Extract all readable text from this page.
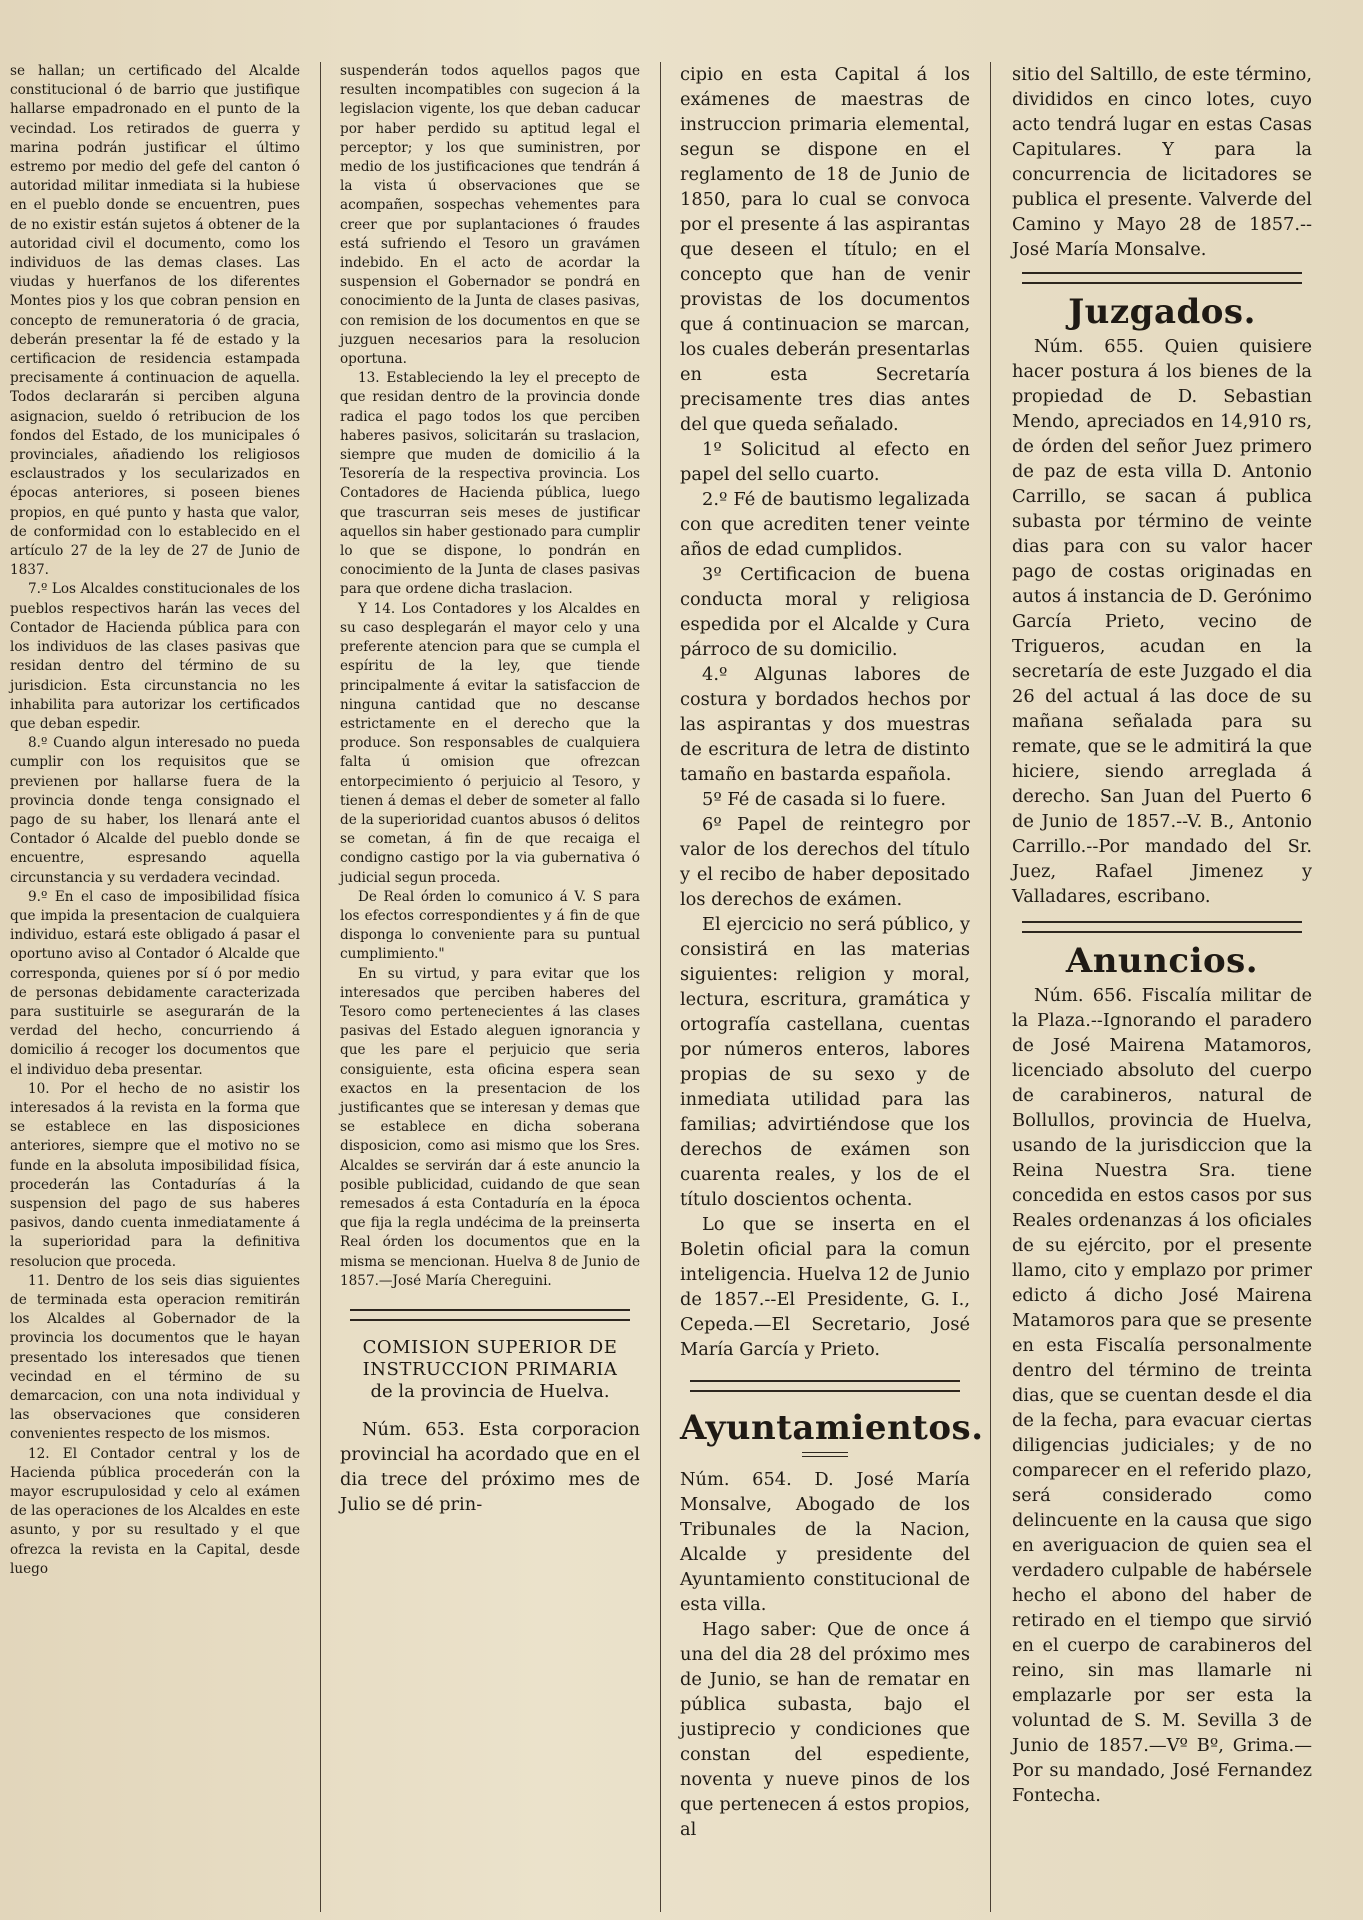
se hallan; un certificado del Alcalde constitucional ó de barrio que justifique hallarse empadronado en el punto de la vecindad. Los retirados de guerra y marina podrán justificar el último estremo por medio del gefe del canton ó autoridad militar inmediata si la hubiese en el pueblo donde se encuentren, pues de no existir están sujetos á obtener de la autoridad civil el documento, como los individuos de las demas clases. Las viudas y huerfanos de los diferentes Montes pios y los que cobran pension en concepto de remuneratoria ó de gracia, deberán presentar la fé de estado y la certificacion de residencia estampada precisamente á continuacion de aquella. Todos declararán si perciben alguna asignacion, sueldo ó retribucion de los fondos del Estado, de los municipales ó provinciales, añadiendo los religiosos esclaustrados y los secularizados en épocas anteriores, si poseen bienes propios, en qué punto y hasta que valor, de conformidad con lo establecido en el artículo 27 de la ley de 27 de Junio de 1837.

7.º Los Alcaldes constitucionales de los pueblos respectivos harán las veces del Contador de Hacienda pública para con los individuos de las clases pasivas que residan dentro del término de su jurisdicion. Esta circunstancia no les inhabilita para autorizar los certificados que deban espedir.

8.º Cuando algun interesado no pueda cumplir con los requisitos que se previenen por hallarse fuera de la provincia donde tenga consignado el pago de su haber, los llenará ante el Contador ó Alcalde del pueblo donde se encuentre, espresando aquella circunstancia y su verdadera vecindad.

9.º En el caso de imposibilidad física que impida la presentacion de cualquiera individuo, estará este obligado á pasar el oportuno aviso al Contador ó Alcalde que corresponda, quienes por sí ó por medio de personas debidamente caracterizada para sustituirle se asegurarán de la verdad del hecho, concurriendo á domicilio á recoger los documentos que el individuo deba presentar.

10. Por el hecho de no asistir los interesados á la revista en la forma que se establece en las disposiciones anteriores, siempre que el motivo no se funde en la absoluta imposibilidad física, procederán las Contadurías á la suspension del pago de sus haberes pasivos, dando cuenta inmediatamente á la superioridad para la definitiva resolucion que proceda.

11. Dentro de los seis dias siguientes de terminada esta operacion remitirán los Alcaldes al Gobernador de la provincia los documentos que le hayan presentado los interesados que tienen vecindad en el término de su demarcacion, con una nota individual y las observaciones que consideren convenientes respecto de los mismos.

12. El Contador central y los de Hacienda pública procederán con la mayor escrupulosidad y celo al exámen de las operaciones de los Alcaldes en este asunto, y por su resultado y el que ofrezca la revista en la Capital, desde luego

suspenderán todos aquellos pagos que resulten incompatibles con sugecion á la legislacion vigente, los que deban caducar por haber perdido su aptitud legal el perceptor; y los que suministren, por medio de los justificaciones que tendrán á la vista ú observaciones que se acompañen, sospechas vehementes para creer que por suplantaciones ó fraudes está sufriendo el Tesoro un gravámen indebido. En el acto de acordar la suspension el Gobernador se pondrá en conocimiento de la Junta de clases pasivas, con remision de los documentos en que se juzguen necesarios para la resolucion oportuna.

13. Estableciendo la ley el precepto de que residan dentro de la provincia donde radica el pago todos los que perciben haberes pasivos, solicitarán su traslacion, siempre que muden de domicilio á la Tesorería de la respectiva provincia. Los Contadores de Hacienda pública, luego que trascurran seis meses de justificar aquellos sin haber gestionado para cumplir lo que se dispone, lo pondrán en conocimiento de la Junta de clases pasivas para que ordene dicha traslacion.

Y 14. Los Contadores y los Alcaldes en su caso desplegarán el mayor celo y una preferente atencion para que se cumpla el espíritu de la ley, que tiende principalmente á evitar la satisfaccion de ninguna cantidad que no descanse estrictamente en el derecho que la produce. Son responsables de cualquiera falta ú omision que ofrezcan entorpecimiento ó perjuicio al Tesoro, y tienen á demas el deber de someter al fallo de la superioridad cuantos abusos ó delitos se cometan, á fin de que recaiga el condigno castigo por la via gubernativa ó judicial segun proceda.

De Real órden lo comunico á V. S para los efectos correspondientes y á fin de que disponga lo conveniente para su puntual cumplimiento."

En su virtud, y para evitar que los interesados que perciben haberes del Tesoro como pertenecientes á las clases pasivas del Estado aleguen ignorancia y que les pare el perjuicio que seria consiguiente, esta oficina espera sean exactos en la presentacion de los justificantes que se interesan y demas que se establece en dicha soberana disposicion, como asi mismo que los Sres. Alcaldes se servirán dar á este anuncio la posible publicidad, cuidando de que sean remesados á esta Contaduría en la época que fija la regla undécima de la preinserta Real órden los documentos que en la misma se mencionan. Huelva 8 de Junio de 1857.—José María Chereguini.

COMISION SUPERIOR DE INSTRUCCION PRIMARIA
de la provincia de Huelva.

Núm. 653. Esta corporacion provincial ha acordado que en el dia trece del próximo mes de Julio se dé prin-

cipio en esta Capital á los exámenes de maestras de instruccion primaria elemental, segun se dispone en el reglamento de 18 de Junio de 1850, para lo cual se convoca por el presente á las aspirantas que deseen el título; en el concepto que han de venir provistas de los documentos que á continuacion se marcan, los cuales deberán presentarlas en esta Secretaría precisamente tres dias antes del que queda señalado.

1º Solicitud al efecto en papel del sello cuarto.

2.º Fé de bautismo legalizada con que acrediten tener veinte años de edad cumplidos.

3º Certificacion de buena conducta moral y religiosa espedida por el Alcalde y Cura párroco de su domicilio.

4.º Algunas labores de costura y bordados hechos por las aspirantas y dos muestras de escritura de letra de distinto tamaño en bastarda española.

5º Fé de casada si lo fuere.

6º Papel de reintegro por valor de los derechos del título y el recibo de haber depositado los derechos de exámen.

El ejercicio no será público, y consistirá en las materias siguientes: religion y moral, lectura, escritura, gramática y ortografía castellana, cuentas por números enteros, labores propias de su sexo y de inmediata utilidad para las familias; advirtiéndose que los derechos de exámen son cuarenta reales, y los de el título doscientos ochenta.

Lo que se inserta en el Boletin oficial para la comun inteligencia. Huelva 12 de Junio de 1857.--El Presidente, G. I., Cepeda.—El Secretario, José María García y Prieto.

Ayuntamientos.

Núm. 654. D. José María Monsalve, Abogado de los Tribunales de la Nacion, Alcalde y presidente del Ayuntamiento constitucional de esta villa.

Hago saber: Que de once á una del dia 28 del próximo mes de Junio, se han de rematar en pública subasta, bajo el justiprecio y condiciones que constan del espediente, noventa y nueve pinos de los que pertenecen á estos propios, al

sitio del Saltillo, de este término, divididos en cinco lotes, cuyo acto tendrá lugar en estas Casas Capitulares. Y para la concurrencia de licitadores se publica el presente. Valverde del Camino y Mayo 28 de 1857.--José María Monsalve.

Juzgados.

Núm. 655. Quien quisiere hacer postura á los bienes de la propiedad de D. Sebastian Mendo, apreciados en 14,910 rs, de órden del señor Juez primero de paz de esta villa D. Antonio Carrillo, se sacan á publica subasta por término de veinte dias para con su valor hacer pago de costas originadas en autos á instancia de D. Gerónimo García Prieto, vecino de Trigueros, acudan en la secretaría de este Juzgado el dia 26 del actual á las doce de su mañana señalada para su remate, que se le admitirá la que hiciere, siendo arreglada á derecho. San Juan del Puerto 6 de Junio de 1857.--V. B., Antonio Carrillo.--Por mandado del Sr. Juez, Rafael Jimenez y Valladares, escribano.

Anuncios.

Núm. 656. Fiscalía militar de la Plaza.--Ignorando el paradero de José Mairena Matamoros, licenciado absoluto del cuerpo de carabineros, natural de Bollullos, provincia de Huelva, usando de la jurisdiccion que la Reina Nuestra Sra. tiene concedida en estos casos por sus Reales ordenanzas á los oficiales de su ejército, por el presente llamo, cito y emplazo por primer edicto á dicho José Mairena Matamoros para que se presente en esta Fiscalía personalmente dentro del término de treinta dias, que se cuentan desde el dia de la fecha, para evacuar ciertas diligencias judiciales; y de no comparecer en el referido plazo, será considerado como delincuente en la causa que sigo en averiguacion de quien sea el verdadero culpable de habérsele hecho el abono del haber de retirado en el tiempo que sirvió en el cuerpo de carabineros del reino, sin mas llamarle ni emplazarle por ser esta la voluntad de S. M. Sevilla 3 de Junio de 1857.—Vº Bº, Grima.—Por su mandado, José Fernandez Fontecha.
